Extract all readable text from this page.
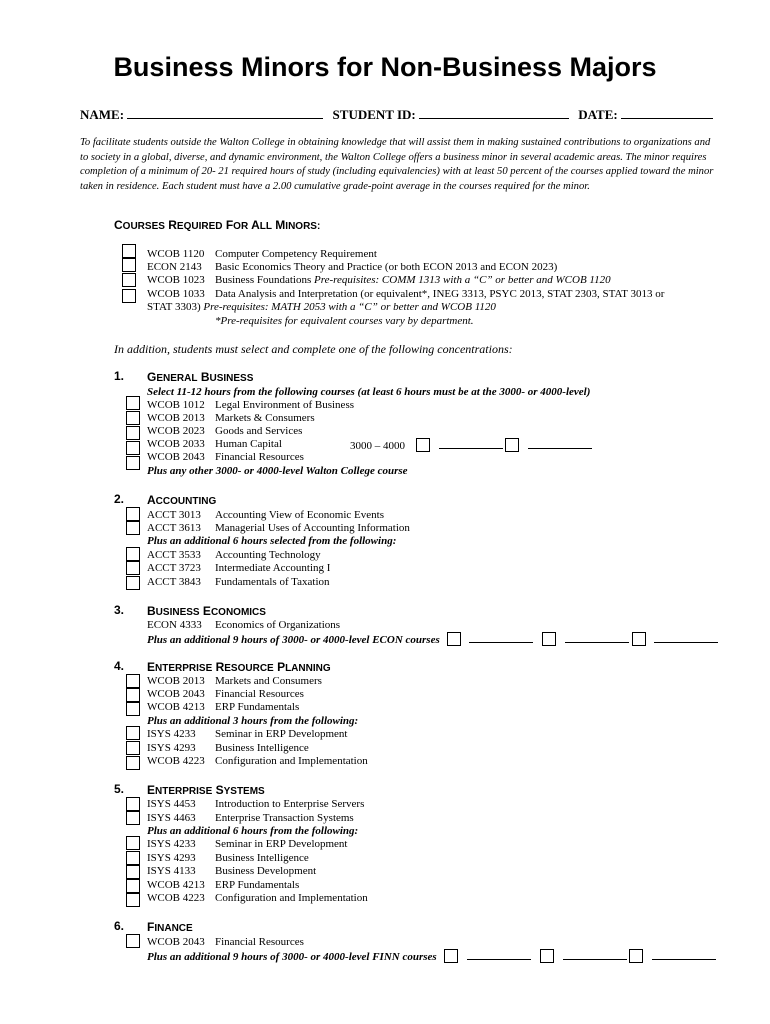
Business Minors for Non-Business Majors
NAME:	STUDENT ID:	DATE:
To facilitate students outside the Walton College in obtaining knowledge that will assist them in making sustained contributions to organizations and to society in a global, diverse, and dynamic environment, the Walton College offers a business minor in several academic areas. The minor requires completion of a minimum of 20- 21 required hours of study (including equivalencies) with at least 50 percent of the courses applied toward the minor taken in residence. Each student must have a 2.00 cumulative grade-point average in the courses required for the minor.
COURSES REQUIRED FOR ALL MINORS:
WCOB 1120 Computer Competency Requirement
ECON 2143 Basic Economics Theory and Practice (or both ECON 2013 and ECON 2023)
WCOB 1023 Business Foundations Pre-requisites: COMM 1313 with a “C” or better and WCOB 1120
WCOB 1033 Data Analysis and Interpretation (or equivalent*, INEG 3313, PSYC 2013, STAT 2303, STAT 3013 or
STAT 3303) Pre-requisites: MATH 2053 with a “C” or better and WCOB 1120
*Pre-requisites for equivalent courses vary by department.
In addition, students must select and complete one of the following concentrations:
1. GENERAL BUSINESS
Select 11-12 hours from the following courses (at least 6 hours must be at the 3000- or 4000-level)
WCOB 1012 Legal Environment of Business
WCOB 2013 Markets & Consumers
WCOB 2023 Goods and Services
WCOB 2033 Human Capital	3000 – 4000
WCOB 2043 Financial Resources
Plus any other 3000- or 4000-level Walton College course
2. ACCOUNTING
ACCT 3013 Accounting View of Economic Events
ACCT 3613 Managerial Uses of Accounting Information
Plus an additional 6 hours selected from the following:
ACCT 3533 Accounting Technology
ACCT 3723 Intermediate Accounting I
ACCT 3843 Fundamentals of Taxation
3. BUSINESS ECONOMICS
ECON 4333 Economics of Organizations
Plus an additional 9 hours of 3000- or 4000-level ECON courses
4. ENTERPRISE RESOURCE PLANNING
WCOB 2013 Markets and Consumers
WCOB 2043 Financial Resources
WCOB 4213 ERP Fundamentals
Plus an additional 3 hours from the following:
ISYS 4233 Seminar in ERP Development
ISYS 4293 Business Intelligence
WCOB 4223 Configuration and Implementation
5. ENTERPRISE SYSTEMS
ISYS 4453 Introduction to Enterprise Servers
ISYS 4463 Enterprise Transaction Systems
Plus an additional 6 hours from the following:
ISYS 4233 Seminar in ERP Development
ISYS 4293 Business Intelligence
ISYS 4133 Business Development
WCOB 4213 ERP Fundamentals
WCOB 4223 Configuration and Implementation
6. FINANCE
WCOB 2043 Financial Resources
Plus an additional 9 hours of 3000- or 4000-level FINN courses
